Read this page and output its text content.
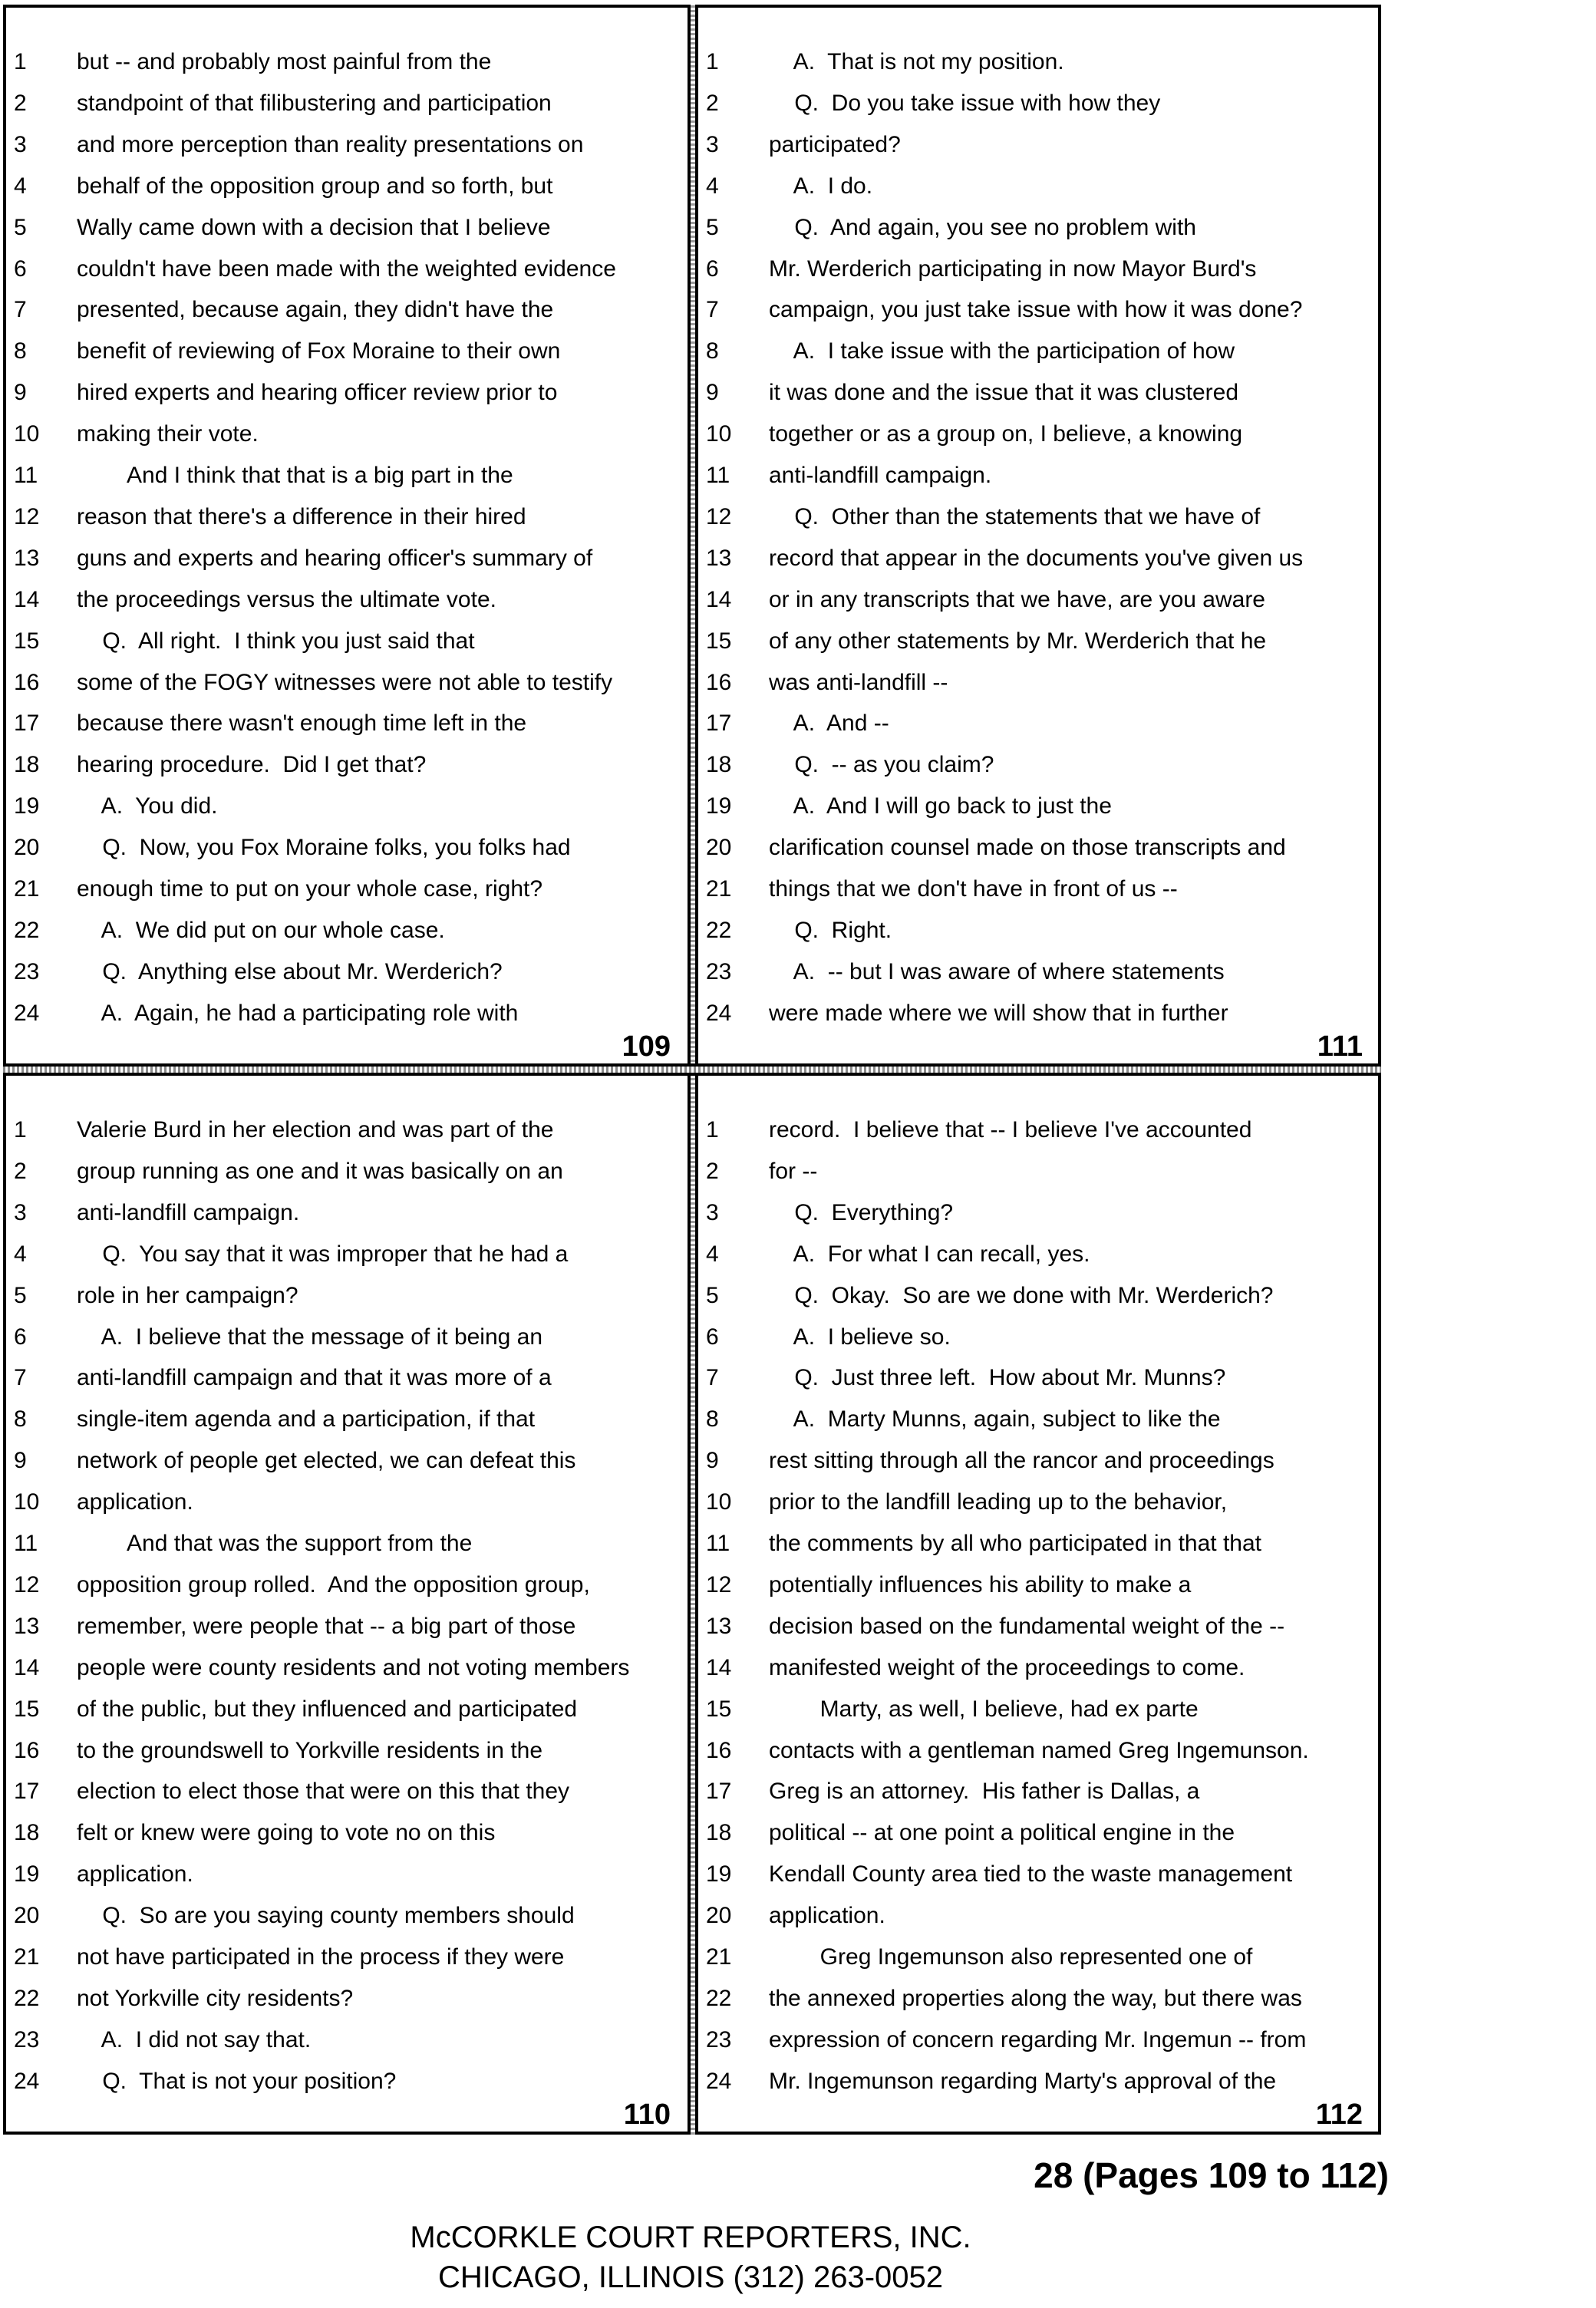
1	but -- and probably most painful from the
2	standpoint of that filibustering and participation
3	and more perception than reality presentations on
4	behalf of the opposition group and so forth, but
5	Wally came down with a decision that I believe
6	couldn't have been made with the weighted evidence
7	presented, because again, they didn't have the
8	benefit of reviewing of Fox Moraine to their own
9	hired experts and hearing officer review prior to
10 making their vote.
11 And I think that that is a big part in the
12 reason that there's a difference in their hired
13 guns and experts and hearing officer's summary of
14 the proceedings versus the ultimate vote.
15 Q.  All right.  I think you just said that
16 some of the FOGY witnesses were not able to testify
17 because there wasn't enough time left in the
18 hearing procedure.  Did I get that?
19 A.  You did.
20 Q.  Now, you Fox Moraine folks, you folks had
21 enough time to put on your whole case, right?
22 A.  We did put on our whole case.
23 Q.  Anything else about Mr. Werderich?
24 A.  Again, he had a participating role with
109
1	A.  That is not my position.
2	Q.  Do you take issue with how they
3	participated?
4	A.  I do.
5	Q.  And again, you see no problem with
6	Mr. Werderich participating in now Mayor Burd's
7	campaign, you just take issue with how it was done?
8	A.  I take issue with the participation of how
9	it was done and the issue that it was clustered
10 together or as a group on, I believe, a knowing
11 anti-landfill campaign.
12 Q.  Other than the statements that we have of
13 record that appear in the documents you've given us
14 or in any transcripts that we have, are you aware
15 of any other statements by Mr. Werderich that he
16 was anti-landfill --
17 A.  And --
18 Q.  -- as you claim?
19 A.  And I will go back to just the
20 clarification counsel made on those transcripts and
21 things that we don't have in front of us --
22 Q.  Right.
23 A.  -- but I was aware of where statements
24 were made where we will show that in further
111
1	Valerie Burd in her election and was part of the
2	group running as one and it was basically on an
3	anti-landfill campaign.
4	Q.  You say that it was improper that he had a
5	role in her campaign?
6	A.  I believe that the message of it being an
7	anti-landfill campaign and that it was more of a
8	single-item agenda and a participation, if that
9	network of people get elected, we can defeat this
10 application.
11 And that was the support from the
12 opposition group rolled.  And the opposition group,
13 remember, were people that -- a big part of those
14 people were county residents and not voting members
15 of the public, but they influenced and participated
16 to the groundswell to Yorkville residents in the
17 election to elect those that were on this that they
18 felt or knew were going to vote no on this
19 application.
20 Q.  So are you saying county members should
21 not have participated in the process if they were
22 not Yorkville city residents?
23 A.  I did not say that.
24 Q.  That is not your position?
110
1	record.  I believe that -- I believe I've accounted
2	for --
3	Q.  Everything?
4	A.  For what I can recall, yes.
5	Q.  Okay.  So are we done with Mr. Werderich?
6	A.  I believe so.
7	Q.  Just three left.  How about Mr. Munns?
8	A.  Marty Munns, again, subject to like the
9	rest sitting through all the rancor and proceedings
10 prior to the landfill leading up to the behavior,
11 the comments by all who participated in that that
12 potentially influences his ability to make a
13 decision based on the fundamental weight of the --
14 manifested weight of the proceedings to come.
15 Marty, as well, I believe, had ex parte
16 contacts with a gentleman named Greg Ingemunson.
17 Greg is an attorney.  His father is Dallas, a
18 political -- at one point a political engine in the
19 Kendall County area tied to the waste management
20 application.
21 Greg Ingemunson also represented one of
22 the annexed properties along the way, but there was
23 expression of concern regarding Mr. Ingemun -- from
24 Mr. Ingemunson regarding Marty's approval of the
112
28 (Pages 109 to 112)
McCORKLE COURT REPORTERS, INC.
CHICAGO, ILLINOIS (312) 263-0052
